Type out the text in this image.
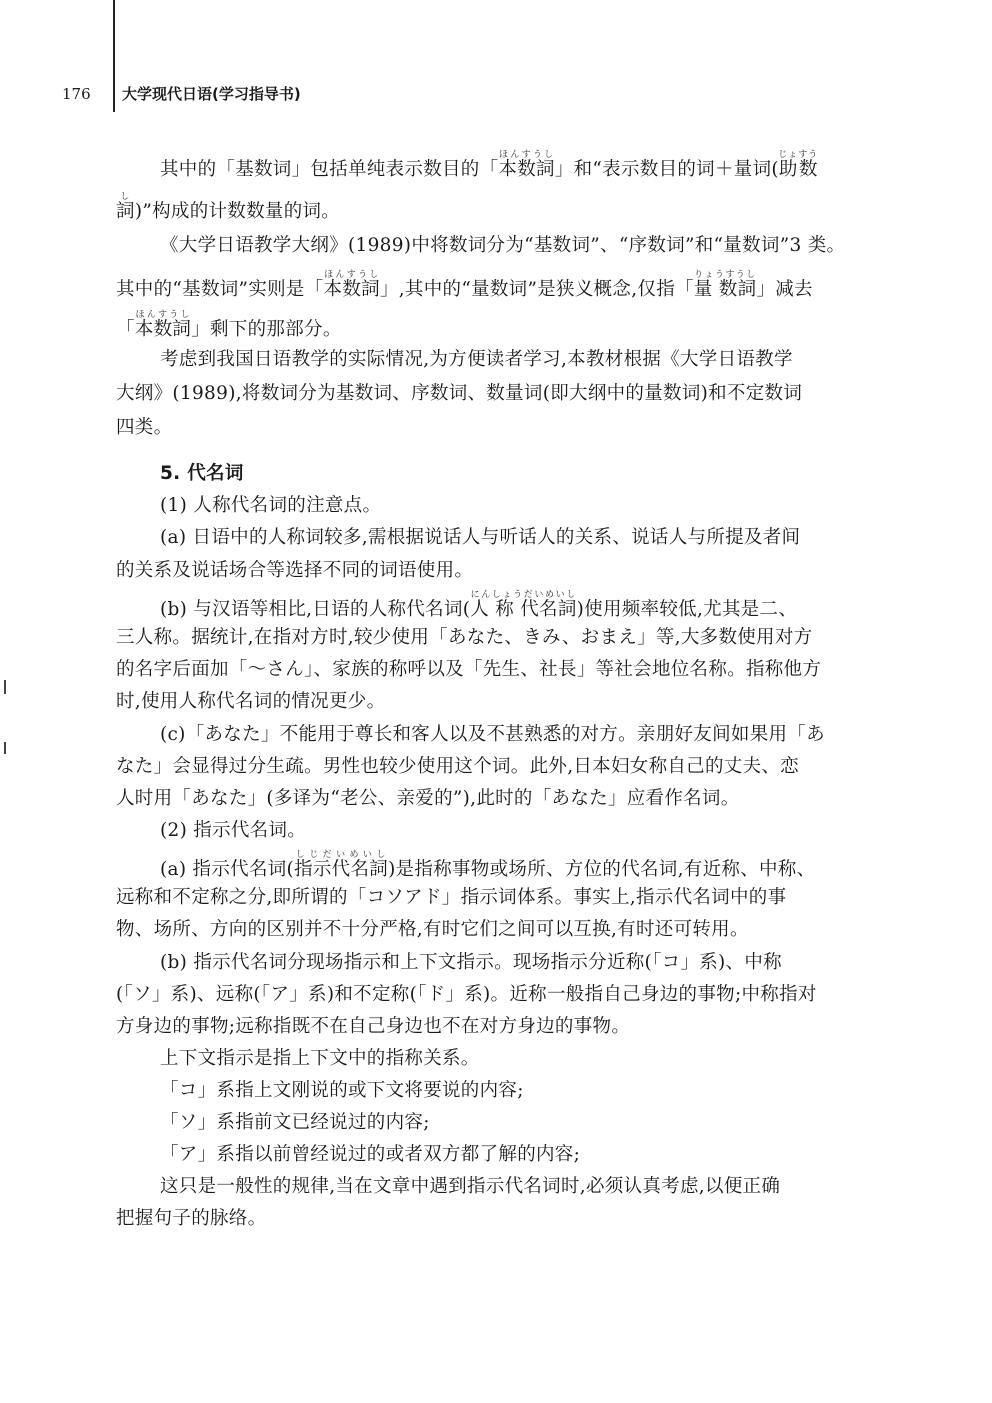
176 大学现代日语(学习指导书)
其中的「基数词」包括单纯表示数目的「本数詞ほんすうし」和“表示数目的词＋量词(助数じょすう
詞し)”构成的计数数量的词。
《大学日语教学大纲》(1989)中将数词分为“基数词”、“序数词”和“量数词”3 类。
其中的“基数词”实则是「本数詞ほんすうし」,其中的“量数词”是狭义概念,仅指「量 数詞りょうすうし」减去
「本数詞ほんすうし」剩下的那部分。
考虑到我国日语教学的实际情况,为方便读者学习,本教材根据《大学日语教学
大纲》(1989),将数词分为基数词、序数词、数量词(即大纲中的量数词)和不定数词
四类。
5. 代名词
(1) 人称代名词的注意点。
(a) 日语中的人称词较多,需根据说话人与听话人的关系、说话人与所提及者间
的关系及说话场合等选择不同的词语使用。
(b) 与汉语等相比,日语的人称代名词(人 称 代名詞にんしょうだいめいし)使用频率较低,尤其是二、
三人称。据统计,在指对方时,较少使用「あなた、きみ、おまえ」等,大多数使用对方
的名字后面加「～さん」、家族的称呼以及「先生、社長」等社会地位名称。指称他方
时,使用人称代名词的情况更少。
(c)「あなた」不能用于尊长和客人以及不甚熟悉的对方。亲朋好友间如果用「あ
なた」会显得过分生疏。男性也较少使用这个词。此外,日本妇女称自己的丈夫、恋
人时用「あなた」(多译为“老公、亲爱的”),此时的「あなた」应看作名词。
(2) 指示代名词。
(a) 指示代名词(指示代名詞しじだいめいし)是指称事物或场所、方位的代名词,有近称、中称、
远称和不定称之分,即所谓的「コソアド」指示词体系。事实上,指示代名词中的事
物、场所、方向的区别并不十分严格,有时它们之间可以互换,有时还可转用。
(b) 指示代名词分现场指示和上下文指示。现场指示分近称(「コ」系)、中称
(「ソ」系)、远称(「ア」系)和不定称(「ド」系)。近称一般指自己身边的事物;中称指对
方身边的事物;远称指既不在自己身边也不在对方身边的事物。
上下文指示是指上下文中的指称关系。
「コ」系指上文刚说的或下文将要说的内容;
「ソ」系指前文已经说过的内容;
「ア」系指以前曾经说过的或者双方都了解的内容;
这只是一般性的规律,当在文章中遇到指示代名词时,必须认真考虑,以便正确
把握句子的脉络。
